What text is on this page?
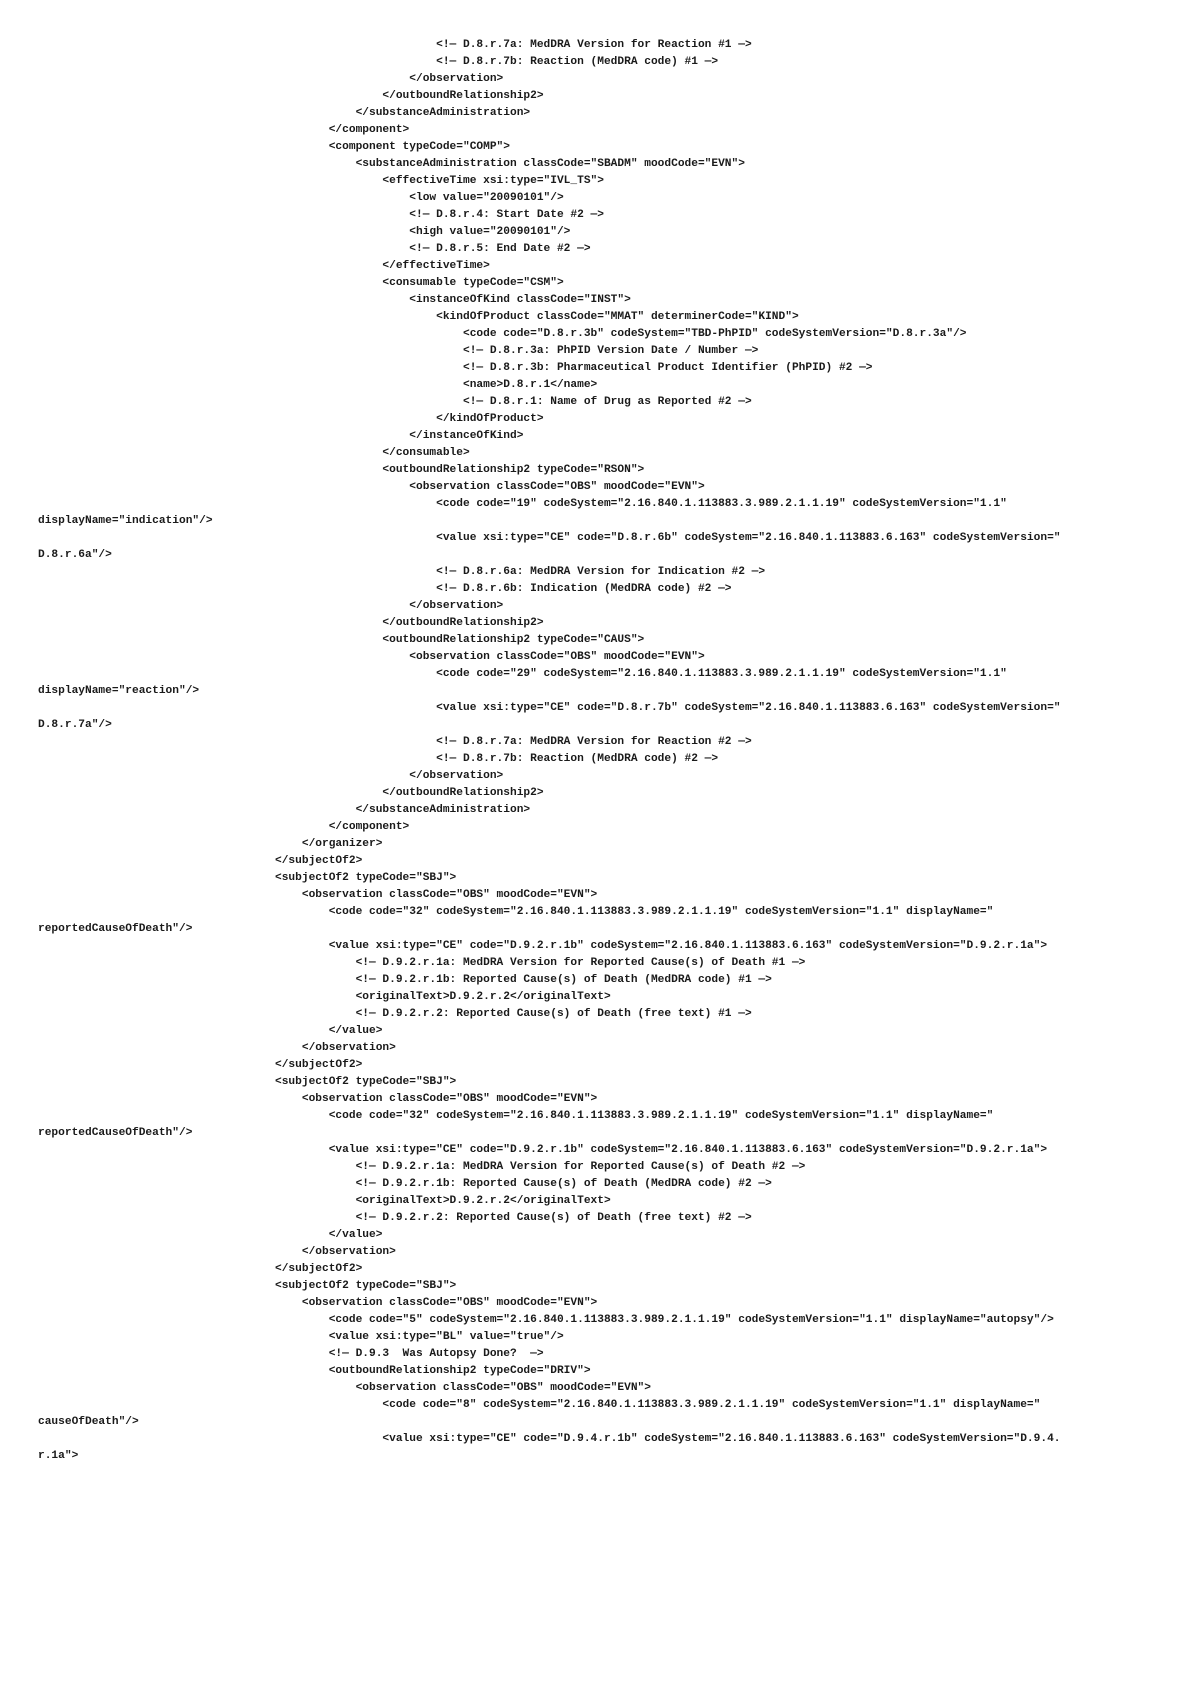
<!— D.8.r.7a: MedDRA Version for Reaction #1 —>
<!— D.8.r.7b: Reaction (MedDRA code) #1 —>
</observation>
</outboundRelationship2>
</substanceAdministration>
</component>
<component typeCode="COMP">
<substanceAdministration classCode="SBADM" moodCode="EVN">
<effectiveTime xsi:type="IVL_TS">
<low value="20090101"/>
<!— D.8.r.4: Start Date #2 —>
<high value="20090101"/>
<!— D.8.r.5: End Date #2 —>
</effectiveTime>
<consumable typeCode="CSM">
<instanceOfKind classCode="INST">
<kindOfProduct classCode="MMAT" determinerCode="KIND">
<code code="D.8.r.3b" codeSystem="TBD-PhPID" codeSystemVersion="D.8.r.3a"/>
<!— D.8.r.3a: PhPID Version Date / Number —>
<!— D.8.r.3b: Pharmaceutical Product Identifier (PhPID) #2 —>
<name>D.8.r.1</name>
<!— D.8.r.1: Name of Drug as Reported #2 —>
</kindOfProduct>
</instanceOfKind>
</consumable>
<outboundRelationship2 typeCode="RSON">
<observation classCode="OBS" moodCode="EVN">
<code code="19" codeSystem="2.16.840.1.113883.3.989.2.1.1.19" codeSystemVersion="1.1"
displayName="indication"/>
<value xsi:type="CE" code="D.8.r.6b" codeSystem="2.16.840.1.113883.6.163" codeSystemVersion="
D.8.r.6a"/>
<!— D.8.r.6a: MedDRA Version for Indication #2 —>
<!— D.8.r.6b: Indication (MedDRA code) #2 —>
</observation>
</outboundRelationship2>
<outboundRelationship2 typeCode="CAUS">
<observation classCode="OBS" moodCode="EVN">
<code code="29" codeSystem="2.16.840.1.113883.3.989.2.1.1.19" codeSystemVersion="1.1"
displayName="reaction"/>
<value xsi:type="CE" code="D.8.r.7b" codeSystem="2.16.840.1.113883.6.163" codeSystemVersion="
D.8.r.7a"/>
<!— D.8.r.7a: MedDRA Version for Reaction #2 —>
<!— D.8.r.7b: Reaction (MedDRA code) #2 —>
</observation>
</outboundRelationship2>
</substanceAdministration>
</component>
</organizer>
</subjectOf2>
<subjectOf2 typeCode="SBJ">
<observation classCode="OBS" moodCode="EVN">
<code code="32" codeSystem="2.16.840.1.113883.3.989.2.1.1.19" codeSystemVersion="1.1" displayName="
reportedCauseOfDeath"/>
<value xsi:type="CE" code="D.9.2.r.1b" codeSystem="2.16.840.1.113883.6.163" codeSystemVersion="D.9.2.r.1a">
<!— D.9.2.r.1a: MedDRA Version for Reported Cause(s) of Death #1 —>
<!— D.9.2.r.1b: Reported Cause(s) of Death (MedDRA code) #1 —>
<originalText>D.9.2.r.2</originalText>
<!— D.9.2.r.2: Reported Cause(s) of Death (free text) #1 —>
</value>
</observation>
</subjectOf2>
<subjectOf2 typeCode="SBJ">
<observation classCode="OBS" moodCode="EVN">
<code code="32" codeSystem="2.16.840.1.113883.3.989.2.1.1.19" codeSystemVersion="1.1" displayName="
reportedCauseOfDeath"/>
<value xsi:type="CE" code="D.9.2.r.1b" codeSystem="2.16.840.1.113883.6.163" codeSystemVersion="D.9.2.r.1a">
<!— D.9.2.r.1a: MedDRA Version for Reported Cause(s) of Death #2 —>
<!— D.9.2.r.1b: Reported Cause(s) of Death (MedDRA code) #2 —>
<originalText>D.9.2.r.2</originalText>
<!— D.9.2.r.2: Reported Cause(s) of Death (free text) #2 —>
</value>
</observation>
</subjectOf2>
<subjectOf2 typeCode="SBJ">
<observation classCode="OBS" moodCode="EVN">
<code code="5" codeSystem="2.16.840.1.113883.3.989.2.1.1.19" codeSystemVersion="1.1" displayName="autopsy"/>
<value xsi:type="BL" value="true"/>
<!— D.9.3  Was Autopsy Done?  —>
<outboundRelationship2 typeCode="DRIV">
<observation classCode="OBS" moodCode="EVN">
<code code="8" codeSystem="2.16.840.1.113883.3.989.2.1.1.19" codeSystemVersion="1.1" displayName="
causeOfDeath"/>
<value xsi:type="CE" code="D.9.4.r.1b" codeSystem="2.16.840.1.113883.6.163" codeSystemVersion="D.9.4.
r.1a">
